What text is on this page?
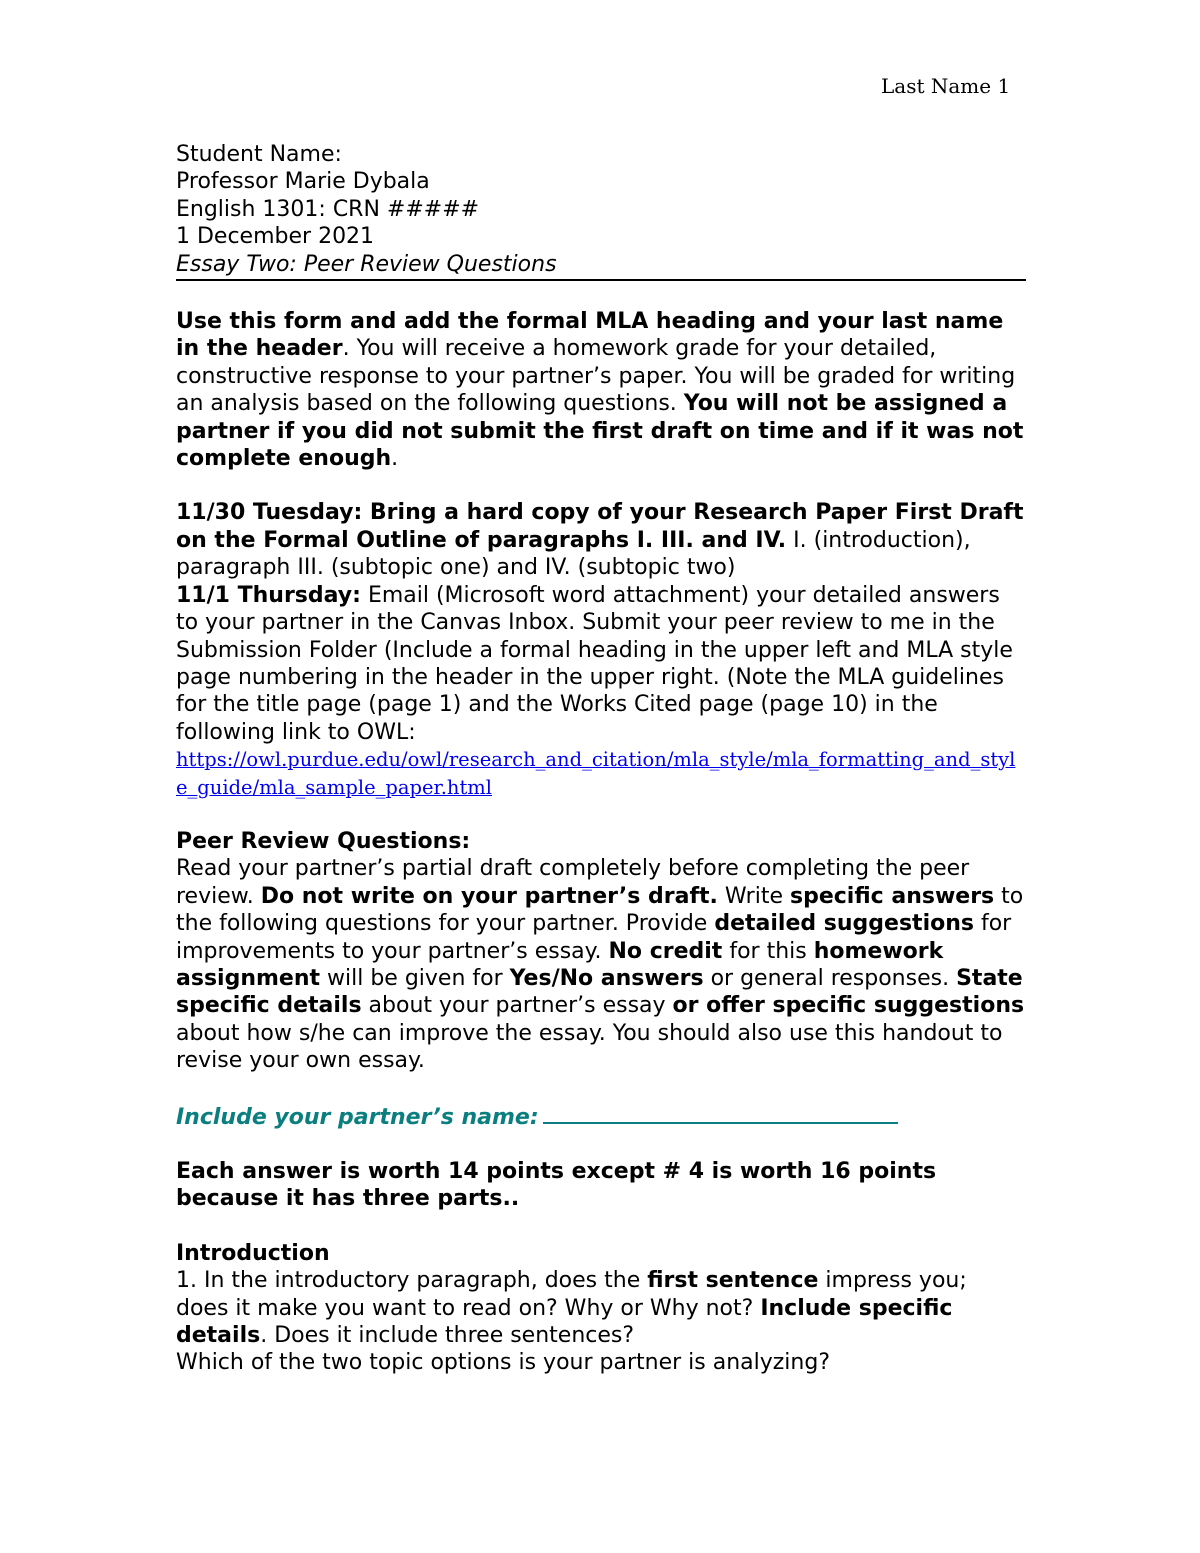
Last Name 1

Student Name:

Professor Marie Dybala

English 1301: CRN #####

1 December 2021

Essay Two: Peer Review Questions

Use this form and add the formal MLA heading and your last name in the header. You will receive a homework grade for your detailed, constructive response to your partner’s paper. You will be graded for writing an analysis based on the following questions. You will not be assigned a partner if you did not submit the first draft on time and if it was not complete enough.

11/30 Tuesday: Bring a hard copy of your Research Paper First Draft on the Formal Outline of paragraphs I. III. and IV. I. (introduction), paragraph III. (subtopic one) and IV. (subtopic two)
11/1 Thursday: Email (Microsoft word attachment) your detailed answers to your partner in the Canvas Inbox. Submit your peer review to me in the Submission Folder (Include a formal heading in the upper left and MLA style page numbering in the header in the upper right. (Note the MLA guidelines for the title page (page 1) and the Works Cited page (page 10) in the following link to OWL:
https://owl.purdue.edu/owl/research_and_citation/mla_style/mla_formatting_and_style_guide/mla_sample_paper.html

Peer Review Questions:
Read your partner’s partial draft completely before completing the peer review. Do not write on your partner’s draft. Write specific answers to the following questions for your partner. Provide detailed suggestions for improvements to your partner’s essay. No credit for this homework assignment will be given for Yes/No answers or general responses. State specific details about your partner’s essay or offer specific suggestions about how s/he can improve the essay. You should also use this handout to revise your own essay.

Include your partner’s name:

Each answer is worth 14 points except # 4 is worth 16 points because it has three parts..

Introduction
1. In the introductory paragraph, does the first sentence impress you; does it make you want to read on? Why or Why not? Include specific details. Does it include three sentences?
Which of the two topic options is your partner is analyzing?
